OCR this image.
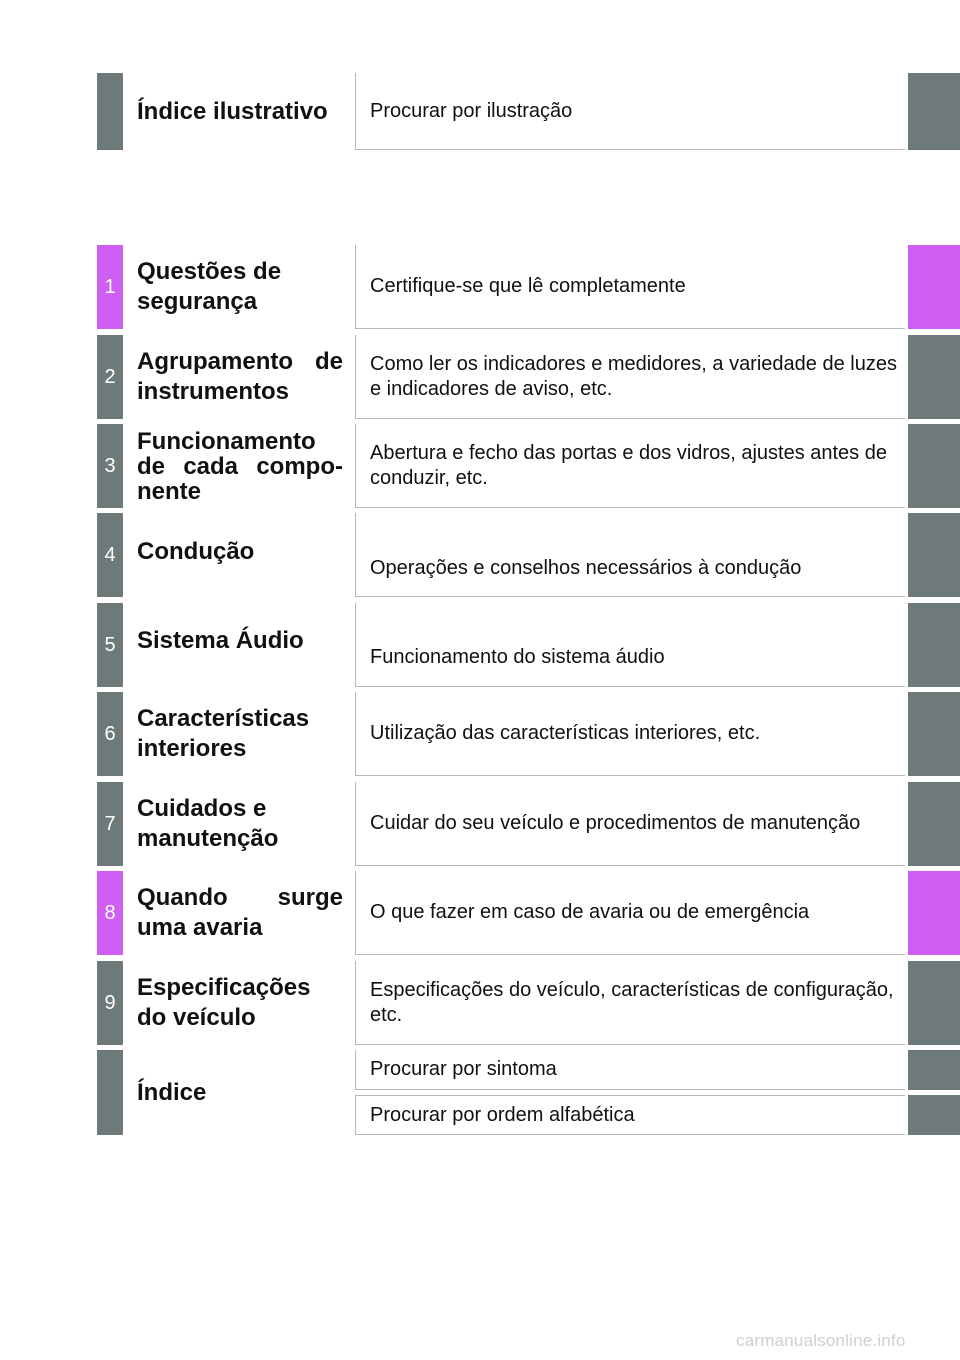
Índice ilustrativo Procurar por ilustração
1
Questões de segurança
Certifique-se que lê completamente
2
Agrupamento de instrumentos
Como ler os indicadores e medidores, a variedade de luzes e indicadores de aviso, etc.
3
Funcionamento de cada compo-nente
Abertura e fecho das portas e dos vidros, ajustes antes de conduzir, etc.
4 Condução
Operações e conselhos necessários à condução
5 Sistema Áudio
Funcionamento do sistema áudio
6
Características interiores
Utilização das características interiores, etc.
7
Cuidados e manutenção
Cuidar do seu veículo e procedimentos de manutenção
8
Quando surge uma avaria
O que fazer em caso de avaria ou de emergência
9
Especificações do veículo
Especificações do veículo, características de configuração, etc.
Índice
Procurar por sintoma
Procurar por ordem alfabética
carmanualsonline.info
